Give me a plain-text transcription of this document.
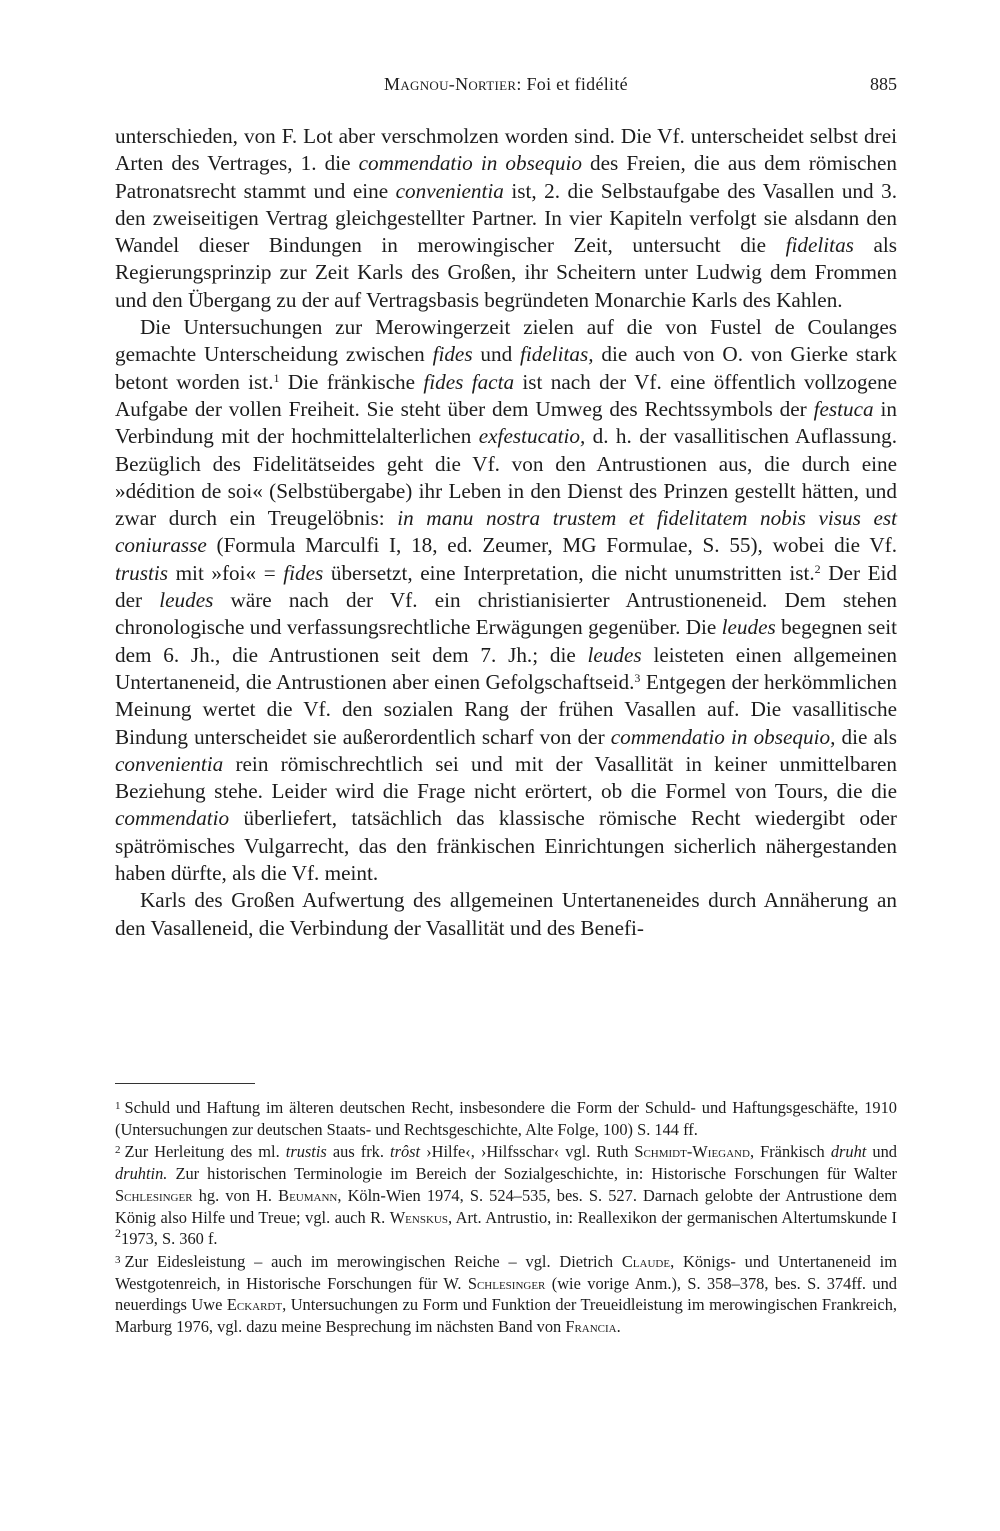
Magnou-Nortier: Foi et fidélité	885

unterschieden, von F. Lot aber verschmolzen worden sind. Die Vf. unterscheidet selbst drei Arten des Vertrages, 1. die commendatio in obsequio des Freien, die aus dem römischen Patronatsrecht stammt und eine convenientia ist, 2. die Selbstaufgabe des Vasallen und 3. den zweiseitigen Vertrag gleichgestellter Partner. In vier Kapiteln verfolgt sie alsdann den Wandel dieser Bindungen in merowingischer Zeit, untersucht die fidelitas als Regierungsprinzip zur Zeit Karls des Großen, ihr Scheitern unter Ludwig dem Frommen und den Übergang zu der auf Vertragsbasis begründeten Monarchie Karls des Kahlen.

Die Untersuchungen zur Merowingerzeit zielen auf die von Fustel de Coulanges gemachte Unterscheidung zwischen fides und fidelitas, die auch von O. von Gierke stark betont worden ist.$^1$ Die fränkische fides facta ist nach der Vf. eine öffentlich vollzogene Aufgabe der vollen Freiheit. Sie steht über dem Umweg des Rechtssymbols der festuca in Verbindung mit der hochmittelalterlichen exfestucatio, d. h. der vasallitischen Auflassung. Bezüglich des Fidelitätseides geht die Vf. von den Antrustionen aus, die durch eine »dédition de soi« (Selbstübergabe) ihr Leben in den Dienst des Prinzen gestellt hätten, und zwar durch ein Treugelöbnis: in manu nostra trustem et fidelitatem nobis visus est coniurasse (Formula Marculfi I, 18, ed. Zeumer, MG Formulae, S. 55), wobei die Vf. trustis mit »foi« = fides übersetzt, eine Interpretation, die nicht unumstritten ist.$^2$ Der Eid der leudes wäre nach der Vf. ein christianisierter Antrustioneneid. Dem stehen chronologische und verfassungsrechtliche Erwägungen gegenüber. Die leudes begegnen seit dem 6. Jh., die Antrustionen seit dem 7. Jh.; die leudes leisteten einen allgemeinen Untertaneneid, die Antrustionen aber einen Gefolgschaftseid.$^3$ Entgegen der herkömmlichen Meinung wertet die Vf. den sozialen Rang der frühen Vasallen auf. Die vasallitische Bindung unterscheidet sie außerordentlich scharf von der commendatio in obsequio, die als convenientia rein römischrechtlich sei und mit der Vasallität in keiner unmittelbaren Beziehung stehe. Leider wird die Frage nicht erörtert, ob die Formel von Tours, die die commendatio überliefert, tatsächlich das klassische römische Recht wiedergibt oder spätrömisches Vulgarrecht, das den fränkischen Einrichtungen sicherlich nähergestanden haben dürfte, als die Vf. meint.

Karls des Großen Aufwertung des allgemeinen Untertaneneides durch Annäherung an den Vasalleneid, die Verbindung der Vasallität und des Benefi-

$^1$ Schuld und Haftung im älteren deutschen Recht, insbesondere die Form der Schuld- und Haftungsgeschäfte, 1910 (Untersuchungen zur deutschen Staats- und Rechtsgeschichte, Alte Folge, 100) S. 144 ff.

$^2$ Zur Herleitung des ml. trustis aus frk. trôst ›Hilfe‹, ›Hilfsschar‹ vgl. Ruth Schmidt-Wiegand, Fränkisch druht und druhtin. Zur historischen Terminologie im Bereich der Sozialgeschichte, in: Historische Forschungen für Walter Schlesinger hg. von H. Beumann, Köln-Wien 1974, S. 524–535, bes. S. 527. Darnach gelobte der Antrustione dem König also Hilfe und Treue; vgl. auch R. Wenskus, Art. Antrustio, in: Reallexikon der germanischen Altertumskunde I $^2$1973, S. 360 f.

$^3$ Zur Eidesleistung – auch im merowingischen Reiche – vgl. Dietrich Claude, Königs- und Untertaneneid im Westgotenreich, in Historische Forschungen für W. Schlesinger (wie vorige Anm.), S. 358–378, bes. S. 374ff. und neuerdings Uwe Eckardt, Untersuchungen zu Form und Funktion der Treueidleistung im merowingischen Frankreich, Marburg 1976, vgl. dazu meine Besprechung im nächsten Band von Francia.
